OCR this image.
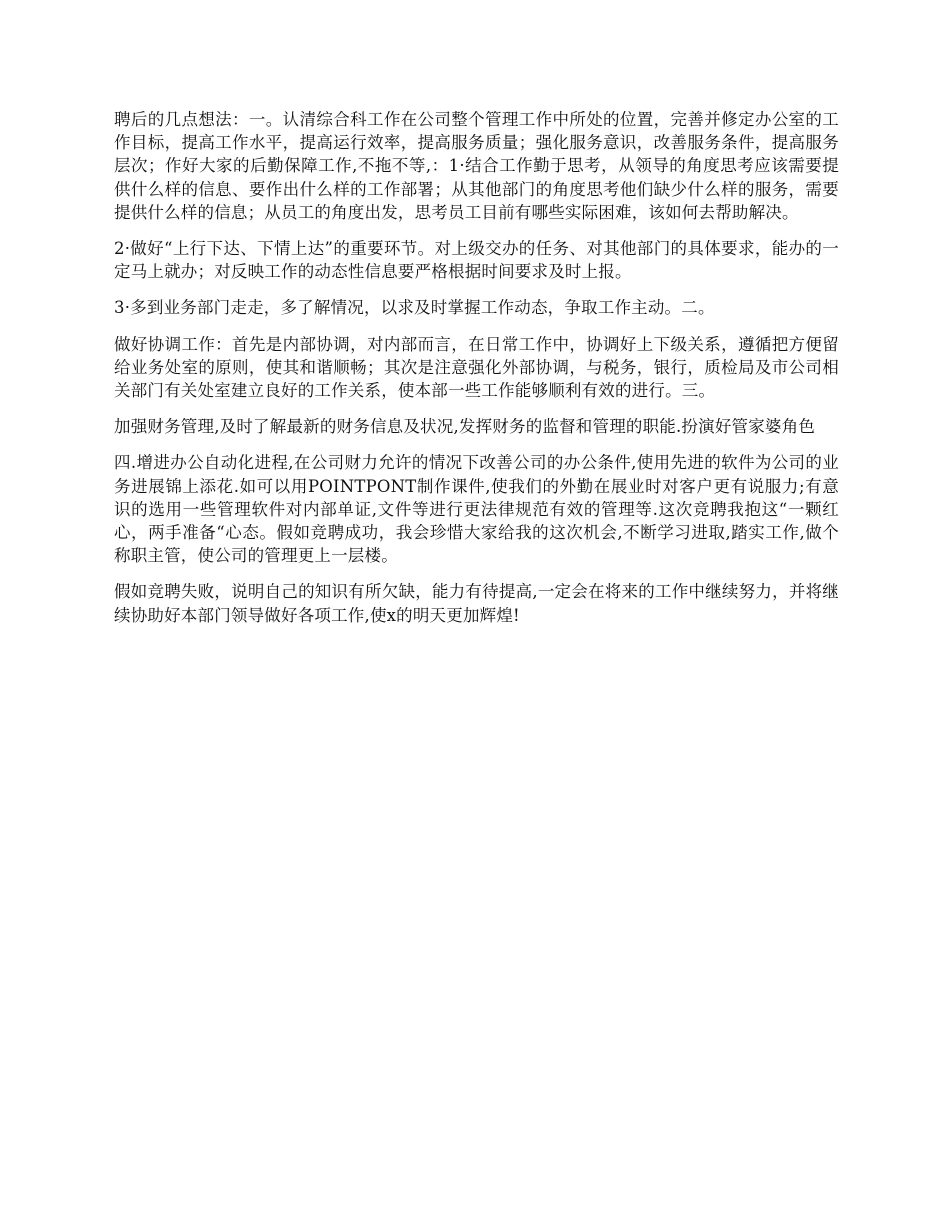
聘后的几点想法：一。认清综合科工作在公司整个管理工作中所处的位置，完善并修定办公室的工作目标，提高工作水平，提高运行效率，提高服务质量；强化服务意识，改善服务条件，提高服务层次；作好大家的后勤保障工作,不拖不等,：1·结合工作勤于思考，从领导的角度思考应该需要提供什么样的信息、要作出什么样的工作部署；从其他部门的角度思考他们缺少什么样的服务，需要提供什么样的信息；从员工的角度出发，思考员工目前有哪些实际困难，该如何去帮助解决。

2·做好“上行下达、下情上达”的重要环节。对上级交办的任务、对其他部门的具体要求，能办的一定马上就办；对反映工作的动态性信息要严格根据时间要求及时上报。

3·多到业务部门走走，多了解情况，以求及时掌握工作动态，争取工作主动。二。

做好协调工作：首先是内部协调，对内部而言，在日常工作中，协调好上下级关系，遵循把方便留给业务处室的原则，使其和谐顺畅；其次是注意强化外部协调，与税务，银行，质检局及市公司相关部门有关处室建立良好的工作关系，使本部一些工作能够顺利有效的进行。三。

加强财务管理,及时了解最新的财务信息及状况,发挥财务的监督和管理的职能.扮演好管家婆角色

四.增进办公自动化进程,在公司财力允许的情况下改善公司的办公条件,使用先进的软件为公司的业务进展锦上添花.如可以用POINTPONT制作课件,使我们的外勤在展业时对客户更有说服力;有意识的选用一些管理软件对内部单证,文件等进行更法律规范有效的管理等.这次竞聘我抱这“一颗红心，两手准备“心态。假如竞聘成功，我会珍惜大家给我的这次机会,不断学习进取,踏实工作,做个称职主管，使公司的管理更上一层楼。

假如竞聘失败，说明自己的知识有所欠缺，能力有待提高,一定会在将来的工作中继续努力，并将继续协助好本部门领导做好各项工作,使x的明天更加辉煌!
